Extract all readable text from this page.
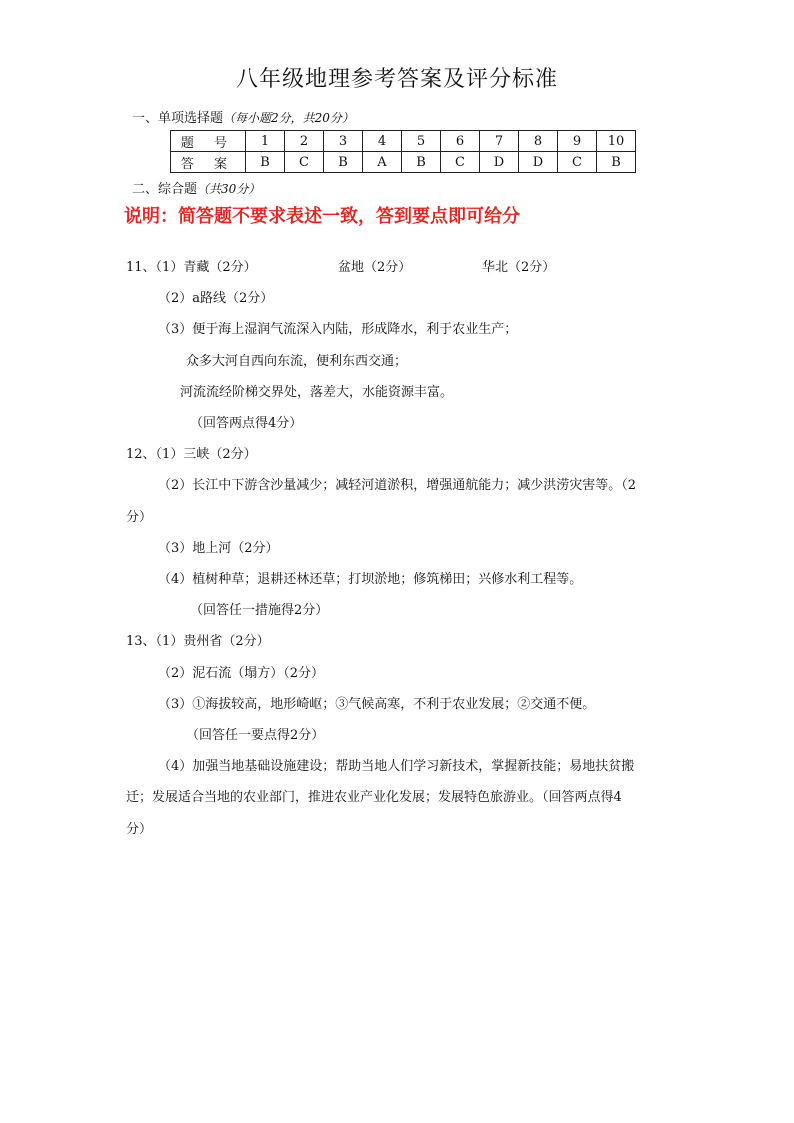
八年级地理参考答案及评分标准
一、单项选择题（每小题2分，共20分）
题 号	1	2	3	4	5	6	7	8	9	10
答 案	B	C	B	A	B	C	D	D	C	B
二、综合题（共30分）
说明：简答题不要求表述一致，答到要点即可给分
11、（1）青藏（2分）	盆地（2分）	华北（2分）
（2）a路线（2分）
（3）便于海上湿润气流深入内陆，形成降水，利于农业生产；
众多大河自西向东流，便利东西交通；
河流流经阶梯交界处，落差大，水能资源丰富。
（回答两点得4分）
12、（1）三峡（2分）
（2）长江中下游含沙量减少；减轻河道淤积，增强通航能力；减少洪涝灾害等。（2
分）
（3）地上河（2分）
（4）植树种草；退耕还林还草；打坝淤地；修筑梯田；兴修水利工程等。
（回答任一措施得2分）
13、（1）贵州省（2分）
（2）泥石流（塌方）（2分）
（3）①海拔较高，地形崎岖；③气候高寒，不利于农业发展；②交通不便。
（回答任一要点得2分）
（4）加强当地基础设施建设；帮助当地人们学习新技术，掌握新技能；易地扶贫搬
迁；发展适合当地的农业部门，推进农业产业化发展；发展特色旅游业。（回答两点得4
分）
